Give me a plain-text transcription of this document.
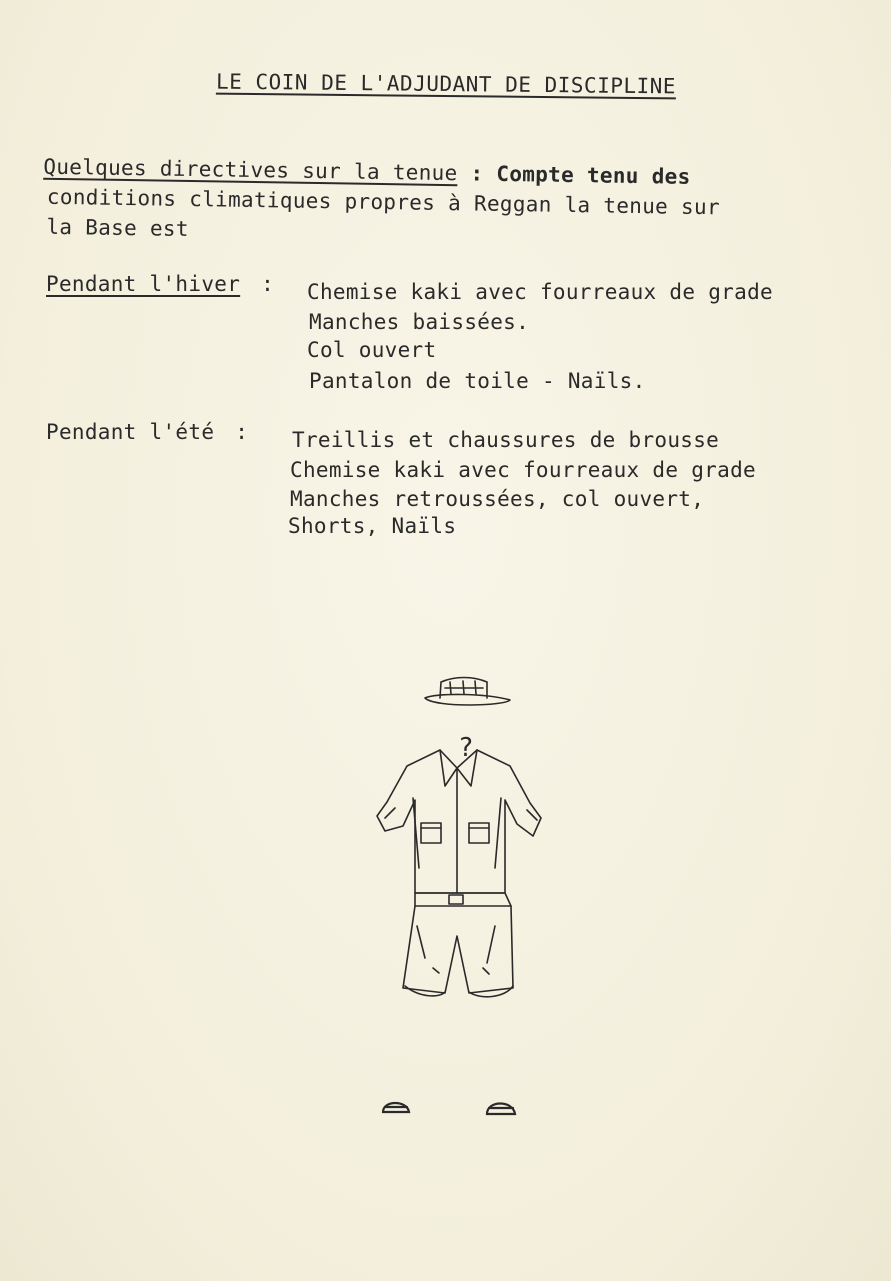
LE COIN DE L'ADJUDANT DE DISCIPLINE
Quelques directives sur la tenue : Compte tenu des
conditions climatiques propres à Reggan la tenue sur
la Base est
Pendant l'hiver : Chemise kaki avec fourreaux de grade
Manches baissées.
Col ouvert
Pantalon de toile - Naïls.
Pendant l'été : Treillis et chaussures de brousse
Chemise kaki avec fourreaux de grade
Manches retroussées, col ouvert,
Shorts, Naïls
?
